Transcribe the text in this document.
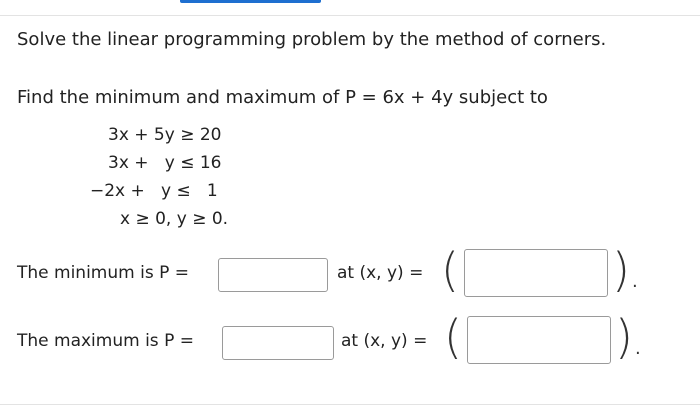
Solve the linear programming problem by the method of corners.
Find the minimum and maximum of P = 6x + 4y subject to
3x + 5y ≥ 20
3x +   y ≤ 16
−2x +   y ≤   1
x ≥ 0, y ≥ 0.
The minimum is P =	at (x, y) = (	) .
The maximum is P =	at (x, y) = (	) .
